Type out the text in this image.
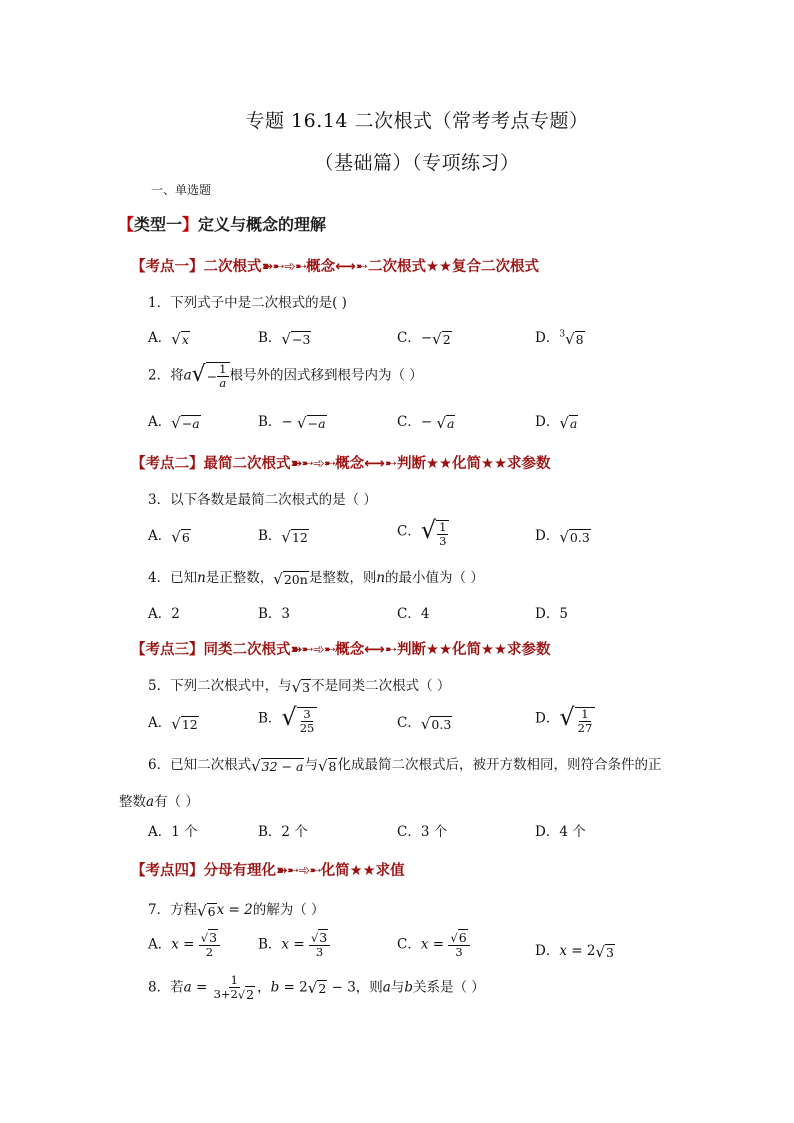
专题 16.14 二次根式（常考考点专题）
（基础篇）（专项练习）
一、单选题
【类型一】定义与概念的理解
【考点一】二次根式➽➸➾➸概念⟷➸二次根式★★复合二次根式
1．下列式子中是二次根式的是( )
A．√x	B．√−3	C．−√2	D．$^3$√8
2．将$a√ - \frac{1}{a}$ 根号外的因式移到根号内为（ ）
A．√−a	B．− √−a	C．− √a	D．√a
【考点二】最简二次根式➽➸➾➸概念⟷➸判断★★化简★★求参数
3．以下各数是最简二次根式的是（ ）
A．√6	B．√12	C．√ $\frac{1}{3}$	D．√0.3
4．已知n是正整数，√20n是整数，则n的最小值为（ ）
A．2	B．3	C．4	D．5
【考点三】同类二次根式➽➸➾➸概念⟷➸判断★★化简★★求参数
5．下列二次根式中，与√3不是同类二次根式（ ）
A．√12	B．√ $\frac{3}{25}$	C．√0.3	D．√ $\frac{1}{27}$
6．已知二次根式√32 − a与√8化成最简二次根式后，被开方数相同，则符合条件的正
整数a有（ ）
A．1 个	B．2 个	C．3 个	D．4 个
【考点四】分母有理化➽➸➾➸化简★★求值
7．方程√6x = 2的解为（ ）
A．$x = \frac{√3}{2}$	B．$x = \frac{√3}{3}$	C．$x = \frac{√6}{3}$	D．x = 2√3
8．若$a = \frac{1}{3+2√2}$ ，b = 2√2 − 3，则a与b关系是（ ）
